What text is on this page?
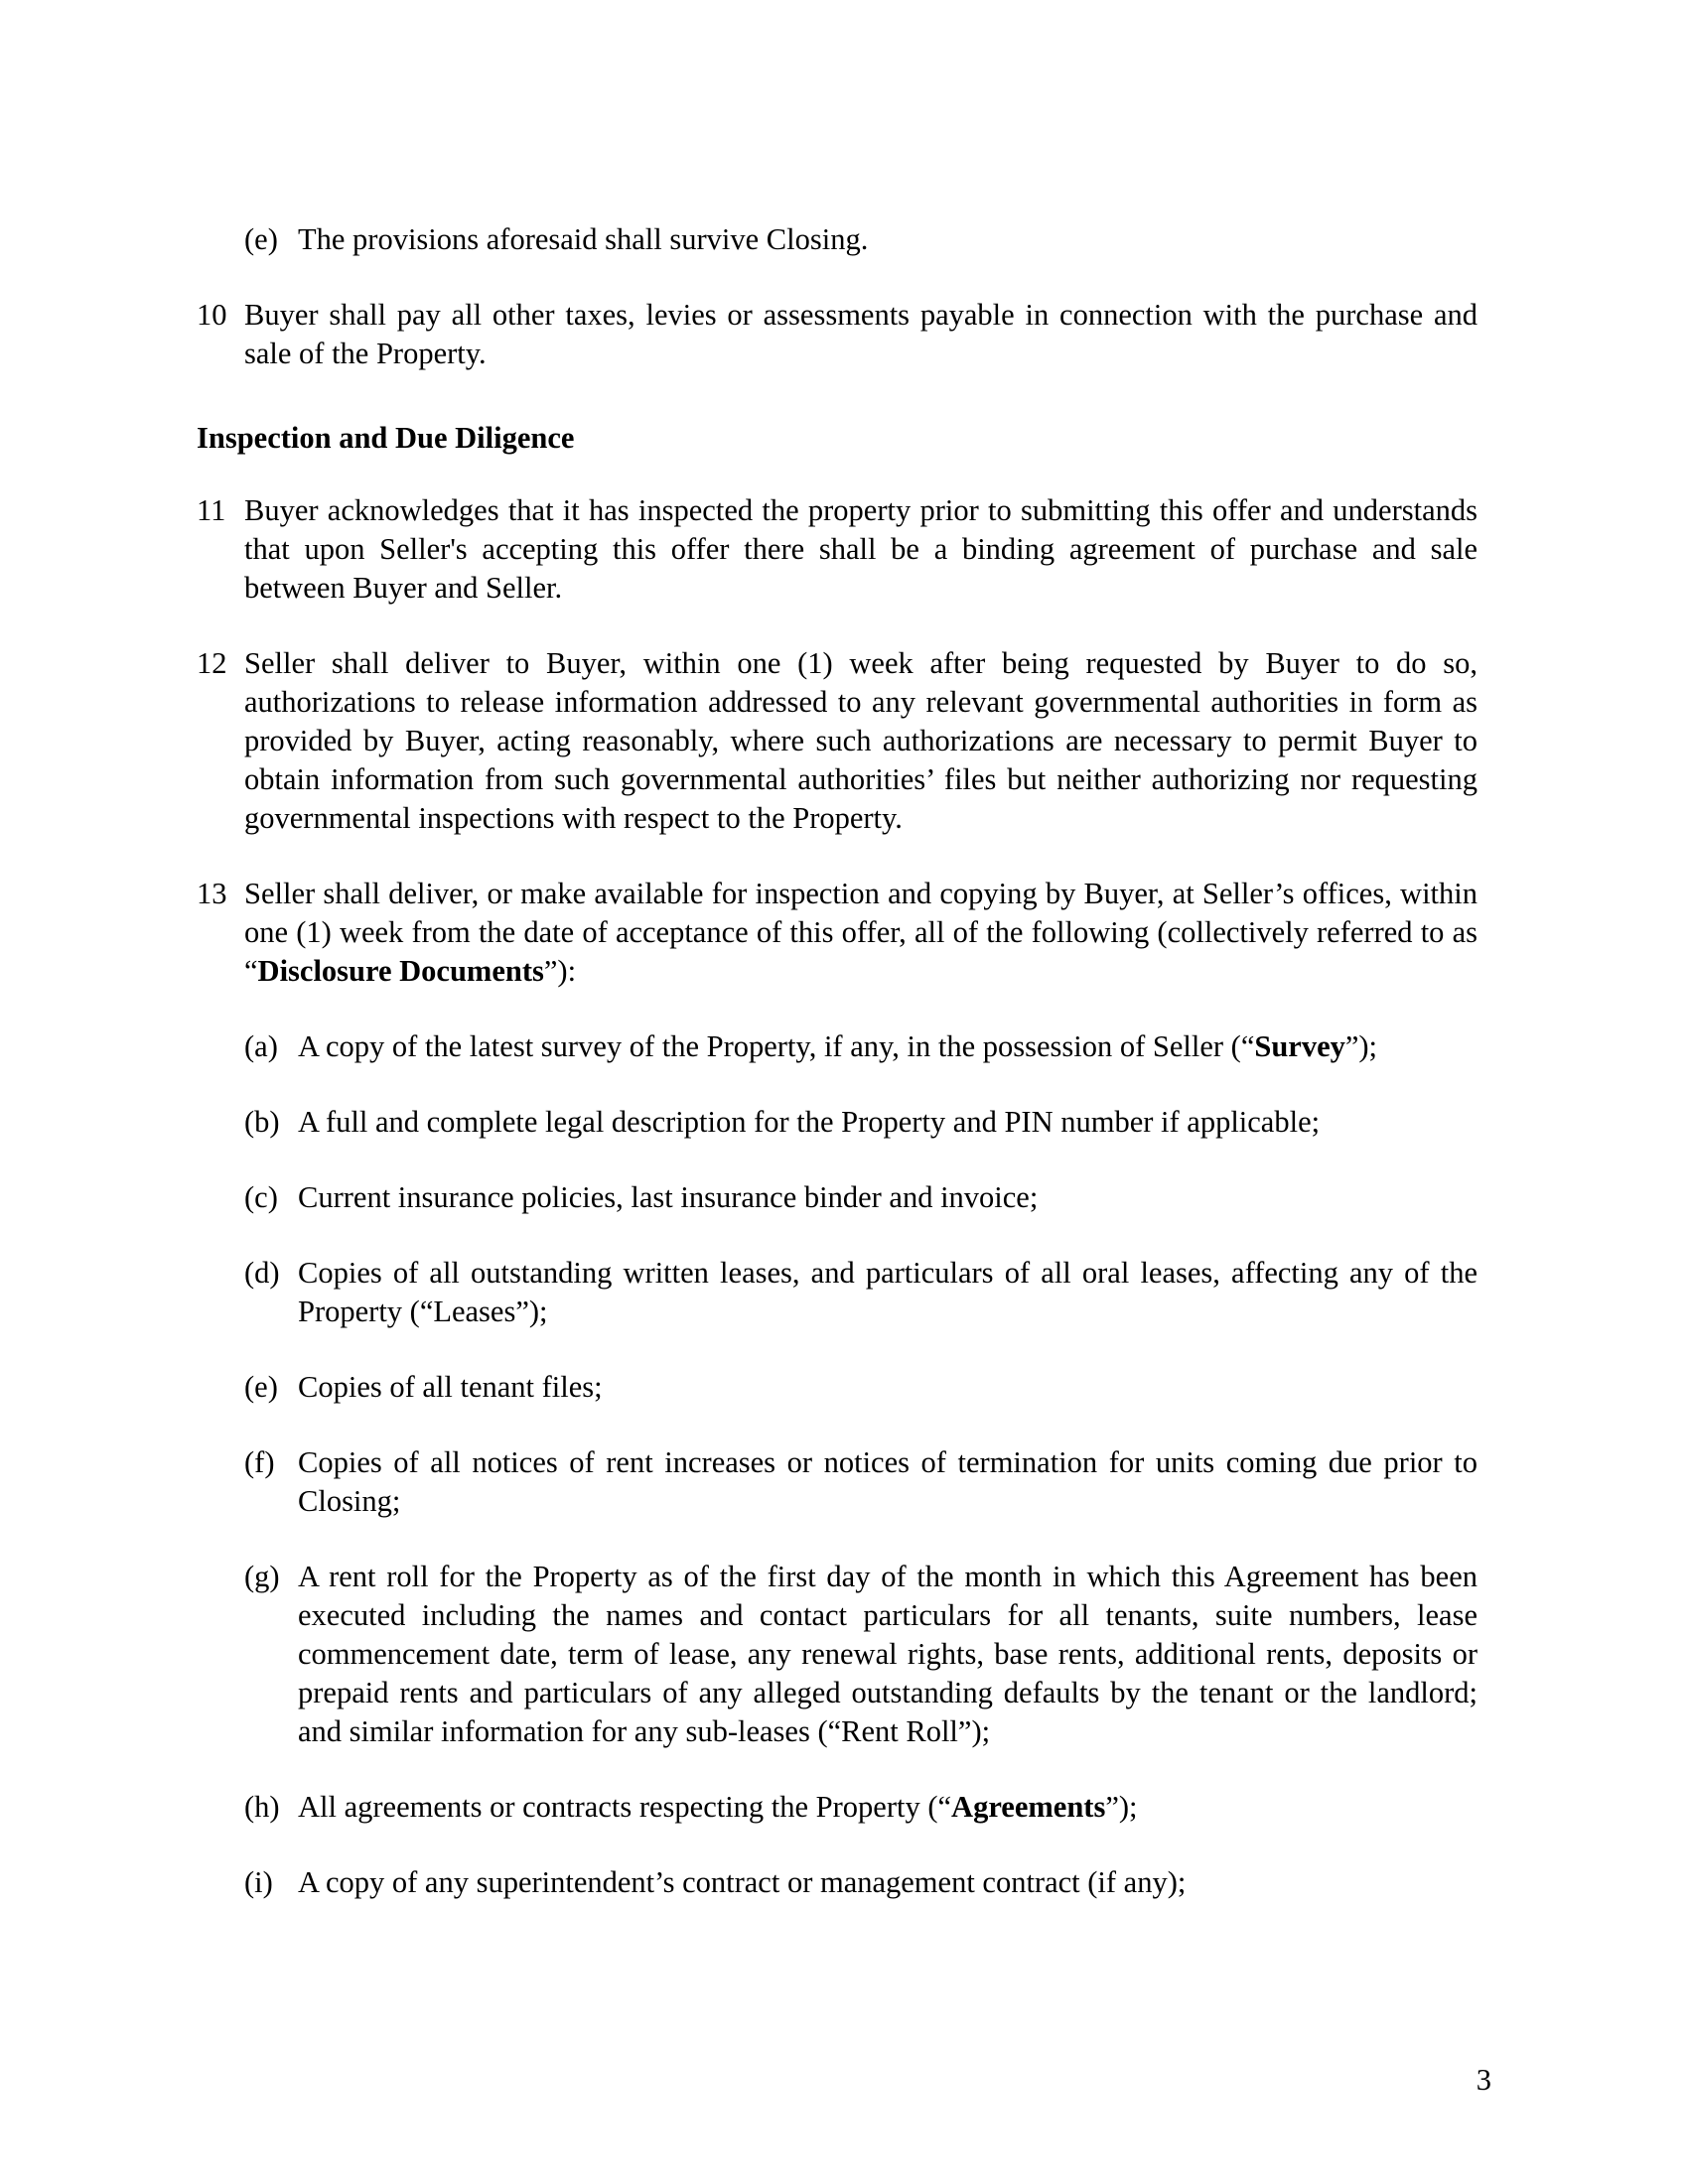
(e) The provisions aforesaid shall survive Closing.
10 Buyer shall pay all other taxes, levies or assessments payable in connection with the purchase and sale of the Property.
Inspection and Due Diligence
11 Buyer acknowledges that it has inspected the property prior to submitting this offer and understands that upon Seller's accepting this offer there shall be a binding agreement of purchase and sale between Buyer and Seller.
12 Seller shall deliver to Buyer, within one (1) week after being requested by Buyer to do so, authorizations to release information addressed to any relevant governmental authorities in form as provided by Buyer, acting reasonably, where such authorizations are necessary to permit Buyer to obtain information from such governmental authorities’ files but neither authorizing nor requesting governmental inspections with respect to the Property.
13 Seller shall deliver, or make available for inspection and copying by Buyer, at Seller’s offices, within one (1) week from the date of acceptance of this offer, all of the following (collectively referred to as “Disclosure Documents”):
(a) A copy of the latest survey of the Property, if any, in the possession of Seller (“Survey”);
(b) A full and complete legal description for the Property and PIN number if applicable;
(c) Current insurance policies, last insurance binder and invoice;
(d) Copies of all outstanding written leases, and particulars of all oral leases, affecting any of the Property (“Leases”);
(e) Copies of all tenant files;
(f) Copies of all notices of rent increases or notices of termination for units coming due prior to Closing;
(g) A rent roll for the Property as of the first day of the month in which this Agreement has been executed including the names and contact particulars for all tenants, suite numbers, lease commencement date, term of lease, any renewal rights, base rents, additional rents, deposits or prepaid rents and particulars of any alleged outstanding defaults by the tenant or the landlord; and similar information for any sub-leases (“Rent Roll”);
(h) All agreements or contracts respecting the Property (“Agreements”);
(i) A copy of any superintendent’s contract or management contract (if any);
3
